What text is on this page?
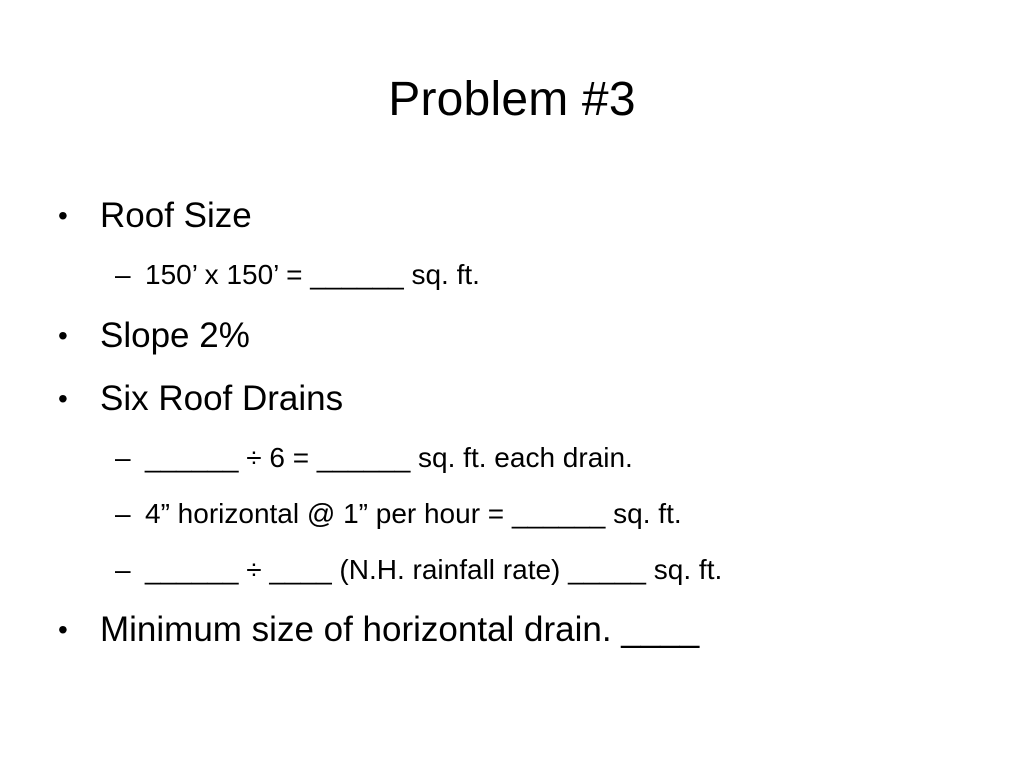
Problem #3
• Roof Size
– 150’ x 150’ = ______ sq. ft.
• Slope 2%
• Six Roof Drains
– ______ ÷ 6 = ______ sq. ft. each drain.
– 4” horizontal @ 1” per hour = ______ sq. ft.
– ______ ÷ ____ (N.H. rainfall rate) _____ sq. ft.
• Minimum size of horizontal drain. ____
